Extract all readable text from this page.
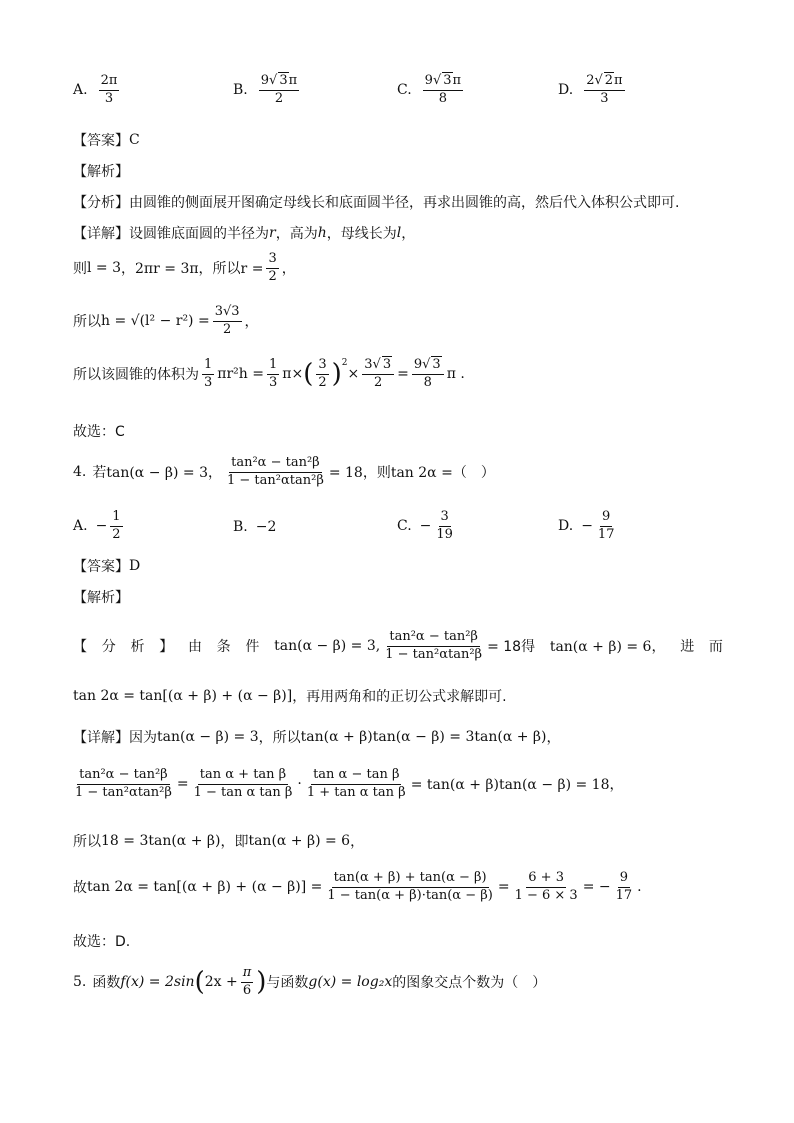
A.
2π
3	B.
9√ 3π
2	C.
9√ 3π
8	D.
2√ 2π
3
【答案】 C
【解析】
【分析】 由圆锥的侧面展开图确定母线长和底面圆半径，再求出圆锥的高，然后代入体积公式即可.
【详解】 设圆锥底面圆的半径为 r ，高为 h ，母线长为 l ，
则 l = 3 ，2πr = 3π，所以$r = \frac{3}{2}$ ，
所以 $h = √(l^2 - r^2) = \frac{3√3}{2}$ ，
所以该圆锥的体积为
1
3 $\pi r^2h = \frac{1}{3} \pi\times$ ( 3
2 ) 2
× $\frac{3√ 3}{2} = \frac{9√ 3}{8}$ π .
故选：C
4. 若 tan(α − β) = 3， $\frac{\text{tan²α − tan²β}}{\text{1 − tan²αtan²β}} = 18$，则tan 2α =（　）
A. − $\frac{1}{2}$	B. −2	C. − $\frac{3}{19}$	D. − $\frac{9}{17}$
【答案】 D
【解析】
【 分 析 】 由 条 件 tan(α − β) = 3, $\frac{\text{tan²α − tan²β}}{\text{1 − tan²αtan²β}} = 18$得 tan(α + β) = 6， 进 而
tan 2α = tan[(α + β) + (α − β)] ，再用两角和的正切公式求解即可.
【详解】 因为 tan(α − β) = 3 ，所以 tan(α + β)tan(α − β) = 3tan(α + β) ，
$\frac{\text{tan²α − tan²β}}{\text{1 − tan²αtan²β}} = \frac{\text{tan α + tan β}}{\text{1 − tan α tan β}} \cdot \frac{\text{tan α − tan β}}{\text{1 + tan α tan β}} = \tan(\alpha + \beta)\tan(\alpha - \beta) = 18$，
所以 18 = 3tan(α + β) ，即 tan(α + β) = 6 ，
故 $\tan 2\alpha = \tan[(\alpha + \beta) + (\alpha - \beta)] = \frac{\tan(\alpha + \beta) + \tan(\alpha - \beta)}{1 - \tan(\alpha + \beta)\cdot\tan(\alpha - \beta)} = \frac{6 + 3}{1 - 6 \times 3}$ = − $\frac{9}{17}$ .
故选：D.
5. 函数 f(x) = 2sin ( $2x + \frac{\pi}{6}$ ) 与函数 g(x) = log₂x 的图象交点个数为（　）
